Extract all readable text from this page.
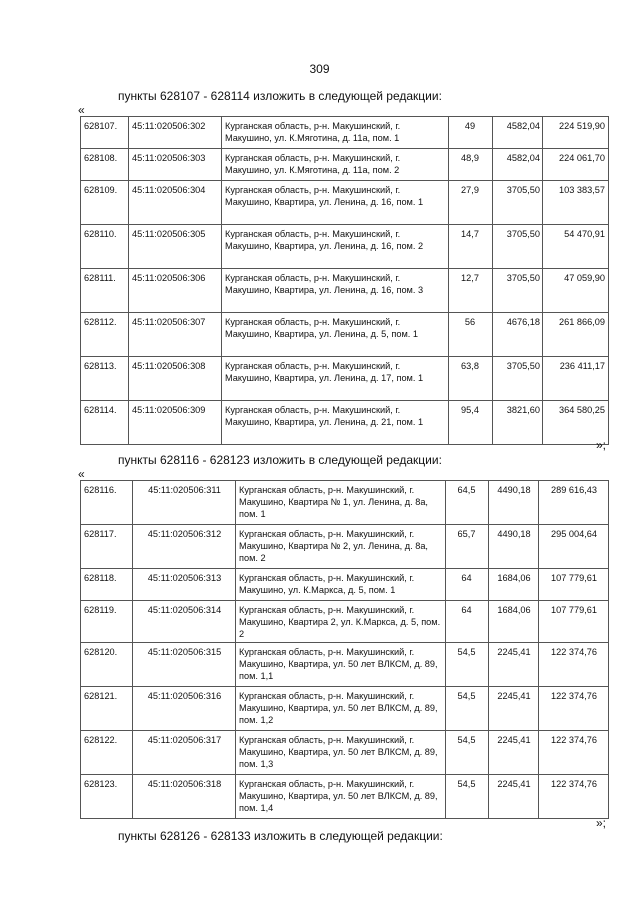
309
пункты 628107 - 628114 изложить в следующей редакции:
«
628107.	45:11:020506:302	Курганская область, р-н. Макушинский, г. Макушино, ул. К.Мяготина, д. 11а, пом. 1	49	4582,04	224 519,90
628108.	45:11:020506:303	Курганская область, р-н. Макушинский, г. Макушино, ул. К.Мяготина, д. 11а, пом. 2	48,9	4582,04	224 061,70
628109.	45:11:020506:304	Курганская область, р-н. Макушинский, г. Макушино, Квартира, ул. Ленина, д. 16, пом. 1	27,9	3705,50	103 383,57
628110.	45:11:020506:305	Курганская область, р-н. Макушинский, г. Макушино, Квартира, ул. Ленина, д. 16, пом. 2	14,7	3705,50	54 470,91
628111.	45:11:020506:306	Курганская область, р-н. Макушинский, г. Макушино, Квартира, ул. Ленина, д. 16, пом. 3	12,7	3705,50	47 059,90
628112.	45:11:020506:307	Курганская область, р-н. Макушинский, г. Макушино, Квартира, ул. Ленина, д. 5, пом. 1	56	4676,18	261 866,09
628113.	45:11:020506:308	Курганская область, р-н. Макушинский, г. Макушино, Квартира, ул. Ленина, д. 17, пом. 1	63,8	3705,50	236 411,17
628114.	45:11:020506:309	Курганская область, р-н. Макушинский, г. Макушино, Квартира, ул. Ленина, д. 21, пом. 1	95,4	3821,60	364 580,25
»;
пункты 628116 - 628123 изложить в следующей редакции:
«
628116.	45:11:020506:311	Курганская область, р-н. Макушинский, г. Макушино, Квартира № 1, ул. Ленина, д. 8а, пом. 1	64,5	4490,18	289 616,43
628117.	45:11:020506:312	Курганская область, р-н. Макушинский, г. Макушино, Квартира № 2, ул. Ленина, д. 8а, пом. 2	65,7	4490,18	295 004,64
628118.	45:11:020506:313	Курганская область, р-н. Макушинский, г. Макушино, ул. К.Маркса, д. 5, пом. 1	64	1684,06	107 779,61
628119.	45:11:020506:314	Курганская область, р-н. Макушинский, г. Макушино, Квартира 2, ул. К.Маркса, д. 5, пом. 2	64	1684,06	107 779,61
628120.	45:11:020506:315	Курганская область, р-н. Макушинский, г. Макушино, Квартира, ул. 50 лет ВЛКСМ, д. 89, пом. 1,1	54,5	2245,41	122 374,76
628121.	45:11:020506:316	Курганская область, р-н. Макушинский, г. Макушино, Квартира, ул. 50 лет ВЛКСМ, д. 89, пом. 1,2	54,5	2245,41	122 374,76
628122.	45:11:020506:317	Курганская область, р-н. Макушинский, г. Макушино, Квартира, ул. 50 лет ВЛКСМ, д. 89, пом. 1,3	54,5	2245,41	122 374,76
628123.	45:11:020506:318	Курганская область, р-н. Макушинский, г. Макушино, Квартира, ул. 50 лет ВЛКСМ, д. 89, пом. 1,4	54,5	2245,41	122 374,76
»;
пункты 628126 - 628133 изложить в следующей редакции:
